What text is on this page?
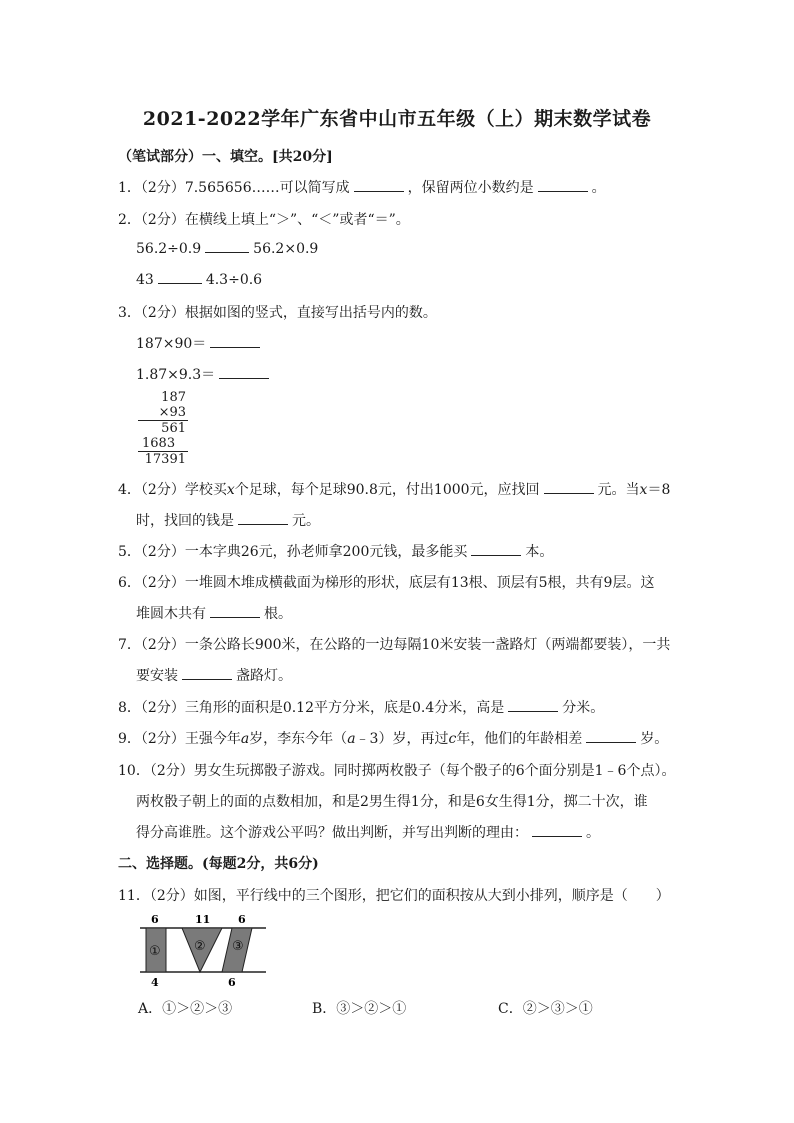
2021-2022学年广东省中山市五年级（上）期末数学试卷
（笔试部分）一、填空。[共20分]
1．（2分）7.565656……可以简写成	，保留两位小数约是	。
2．（2分）在横线上填上“＞”、“＜”或者“＝”。
56.2÷0.9	56.2×0.9
43	4.3÷0.6
3．（2分）根据如图的竖式，直接写出括号内的数。
187×90＝
1.87×9.3＝
187
×93
561
1683
17391
4．（2分）学校买x个足球，每个足球90.8元，付出1000元，应找回	元。当x＝8
时，找回的钱是	元。
5．（2分）一本字典26元，孙老师拿200元钱，最多能买	本。
6．（2分）一堆圆木堆成横截面为梯形的形状，底层有13根、顶层有5根，共有9层。这
堆圆木共有	根。
7．（2分）一条公路长900米，在公路的一边每隔10米安装一盏路灯（两端都要装），一共
要安装	盏路灯。
8．（2分）三角形的面积是0.12平方分米，底是0.4分米，高是	分米。
9．（2分）王强今年a岁，李东今年（a﹣3）岁，再过c年，他们的年龄相差	岁。
10．（2分）男女生玩掷骰子游戏。同时掷两枚骰子（每个骰子的6个面分别是1﹣6个点）。
两枚骰子朝上的面的点数相加，和是2男生得1分，和是6女生得1分，掷二十次，谁
得分高谁胜。这个游戏公平吗？做出判断，并写出判断的理由：	。
二、选择题。(每题2分，共6分)
11．（2分）如图，平行线中的三个图形，把它们的面积按从大到小排列，顺序是（　　）
6	11	6
4	6
①	② ③
A．①＞②＞③	B．③＞②＞①	C．②＞③＞①
